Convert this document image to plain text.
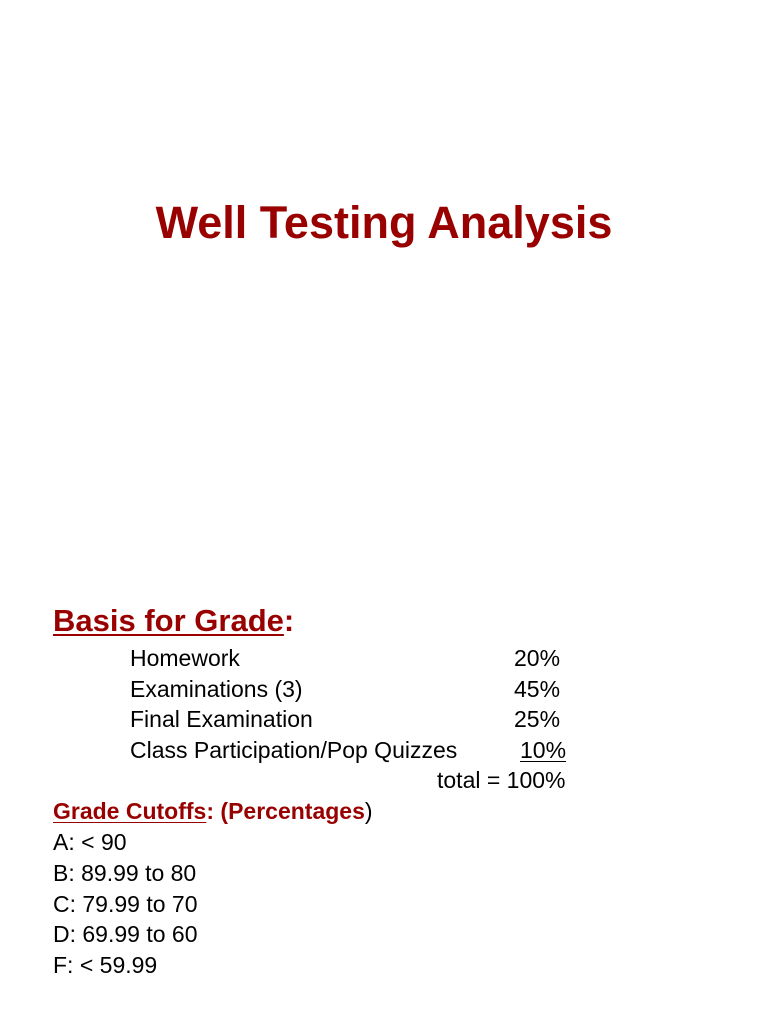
Well Testing Analysis
Basis for Grade:
Homework	20%
Examinations (3)	45%
Final Examination	25%
Class Participation/Pop Quizzes	10%
total = 100%
Grade Cutoffs: (Percentages)
A: < 90
B: 89.99 to 80
C: 79.99 to 70
D: 69.99 to 60
F: < 59.99
